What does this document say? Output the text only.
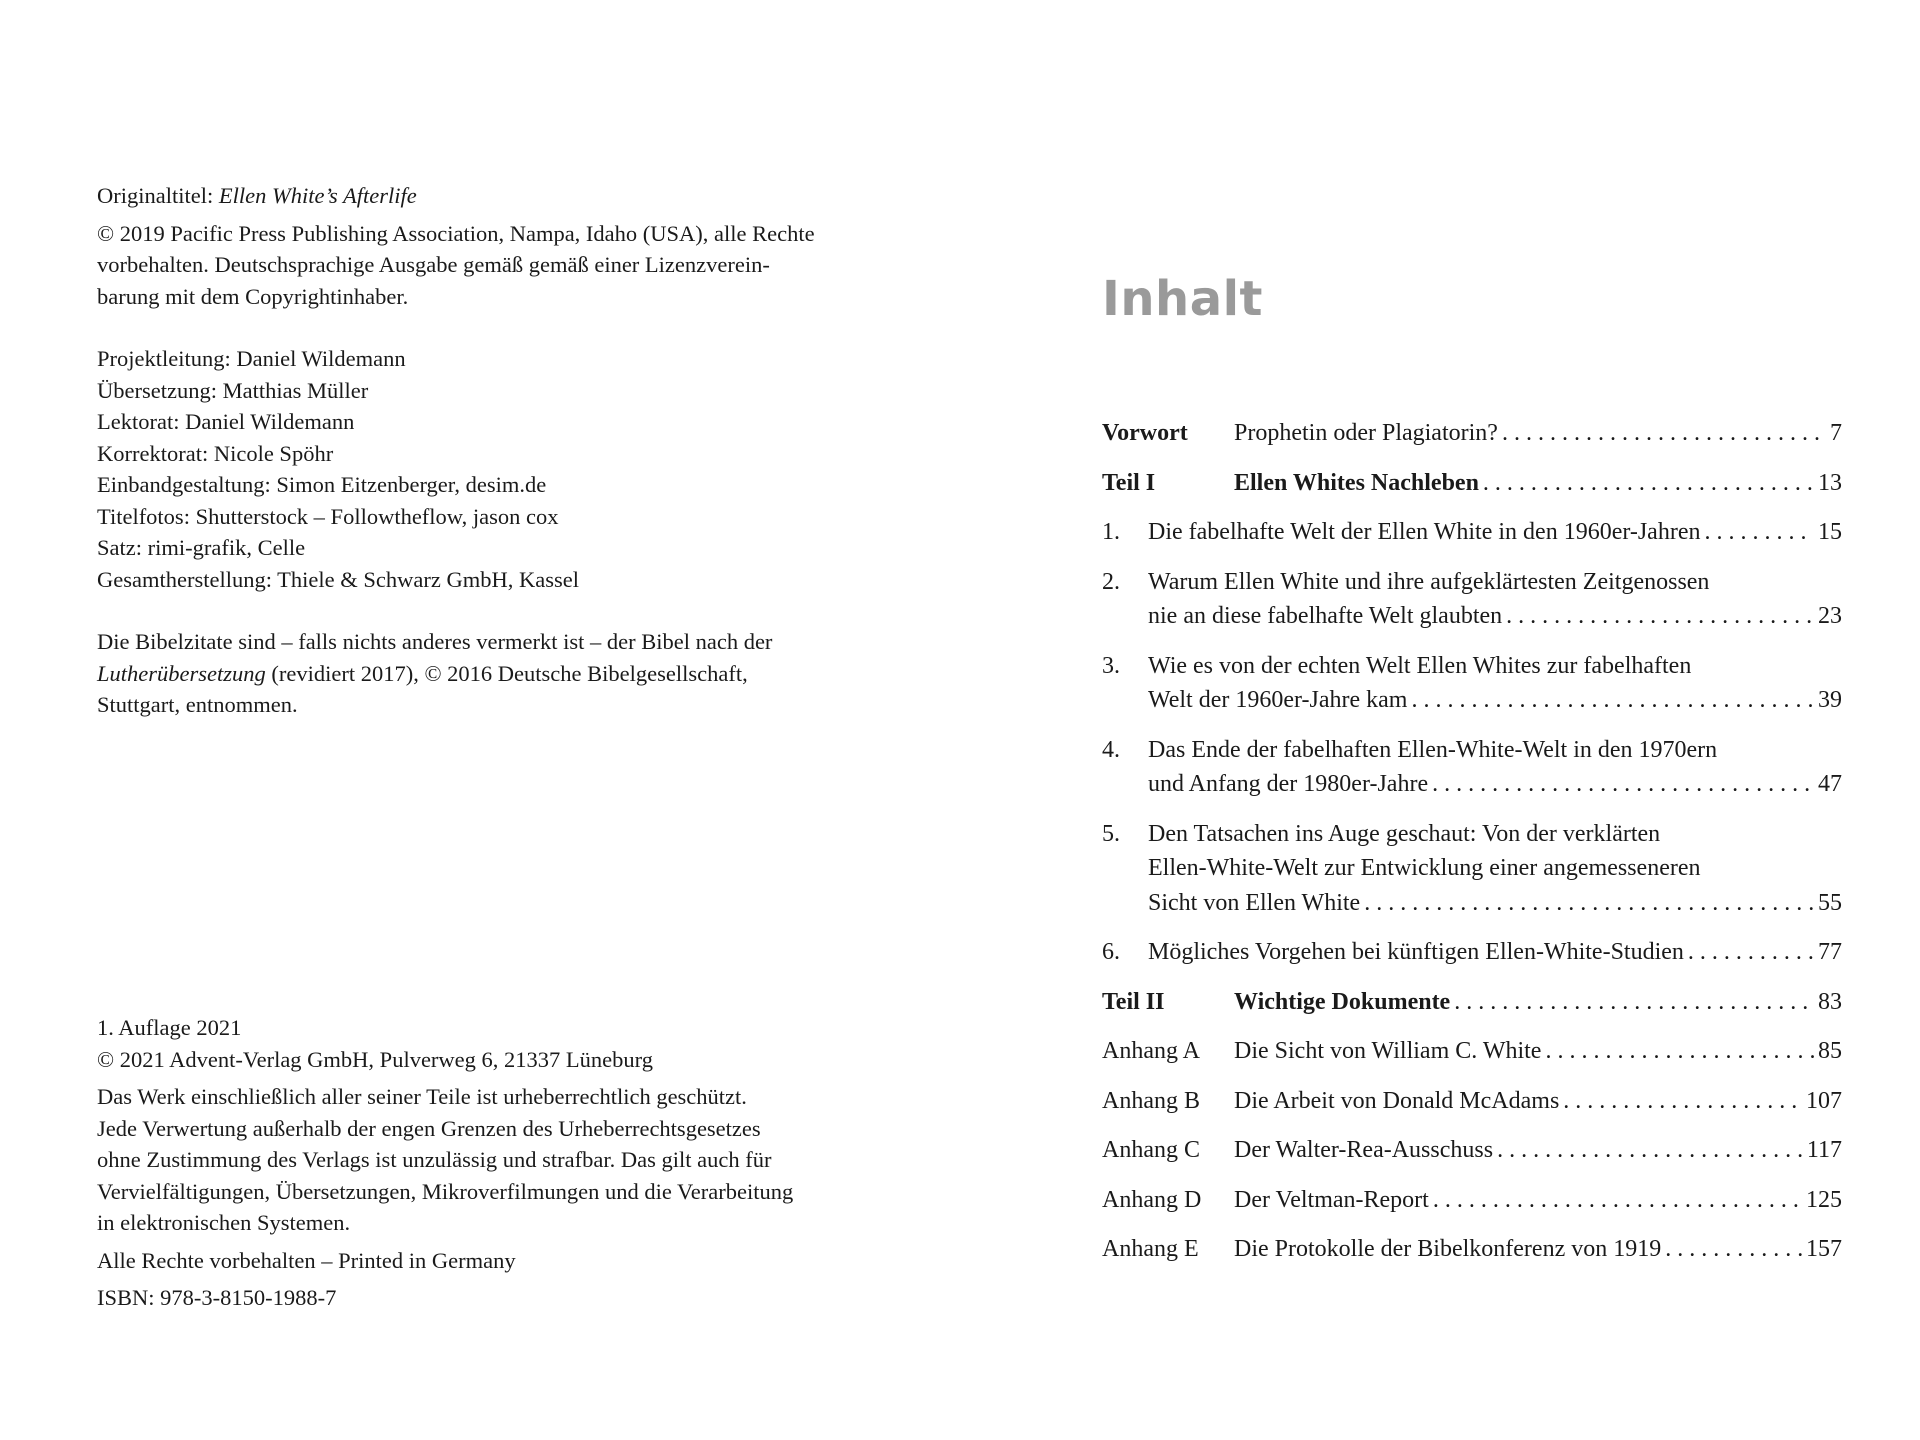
Originaltitel: Ellen White’s Afterlife

© 2019 Pacific Press Publishing Association, Nampa, Idaho (USA), alle Rechte

vorbehalten. Deutschsprachige Ausgabe gemäß gemäß einer Lizenzverein-

barung mit dem Copyrightinhaber.

Projektleitung: Daniel Wildemann

Übersetzung: Matthias Müller

Lektorat: Daniel Wildemann

Korrektorat: Nicole Spöhr

Einbandgestaltung: Simon Eitzenberger, desim.de

Titelfotos: Shutterstock – Followtheflow, jason cox

Satz: rimi-grafik, Celle

Gesamtherstellung: Thiele & Schwarz GmbH, Kassel

Die Bibelzitate sind – falls nichts anderes vermerkt ist – der Bibel nach der

Lutherübersetzung (revidiert 2017), © 2016 Deutsche Bibelgesellschaft,

Stuttgart, entnommen.

1. Auflage 2021

© 2021 Advent-Verlag GmbH, Pulverweg 6, 21337 Lüneburg

Das Werk einschließlich aller seiner Teile ist urheberrechtlich geschützt.

Jede Verwertung außerhalb der engen Grenzen des Urheberrechtsgesetzes

ohne Zustimmung des Verlags ist unzulässig und strafbar. Das gilt auch für

Vervielfältigungen, Übersetzungen, Mikroverfilmungen und die Verarbeitung

in elektronischen Systemen.

Alle Rechte vorbehalten – Printed in Germany

ISBN: 978-3-8150-1988-7

Inhalt
Vorwort	Prophetin oder Plagiatorin? . . .	7
Teil I	Ellen Whites Nachleben . . .	13
1.	Die fabelhafte Welt der Ellen White in den 1960er-Jahren . . .	15
2.	Warum Ellen White und ihre aufgeklärtesten Zeitgenossen
nie an diese fabelhafte Welt glaubten . . .	23
3.	Wie es von der echten Welt Ellen Whites zur fabelhaften
Welt der 1960er-Jahre kam . . .	39
4.	Das Ende der fabelhaften Ellen-White-Welt in den 1970ern
und Anfang der 1980er-Jahre . . .	47
5.	Den Tatsachen ins Auge geschaut: Von der verklärten
Ellen-White-Welt zur Entwicklung einer angemesseneren
Sicht von Ellen White . . .	55
6.	Mögliches Vorgehen bei künftigen Ellen-White-Studien . . .	77
Teil II	Wichtige Dokumente . . .	83
Anhang A	Die Sicht von William C. White . . .	85
Anhang B	Die Arbeit von Donald McAdams . . .	107
Anhang C	Der Walter-Rea-Ausschuss . . .	117
Anhang D	Der Veltman-Report . . .	125
Anhang E	Die Protokolle der Bibelkonferenz von 1919 . . .	157
